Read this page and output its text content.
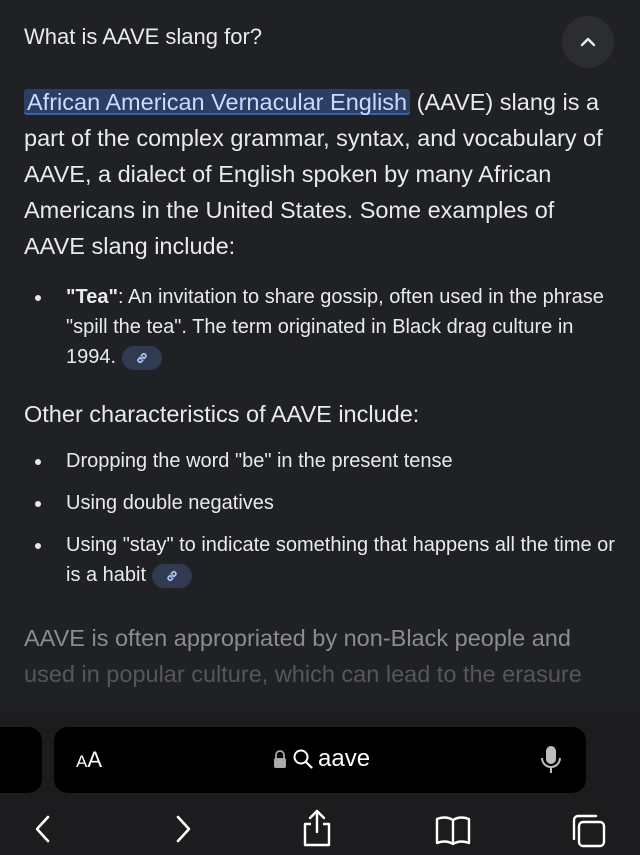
What is AAVE slang for?

African American Vernacular English (AAVE) slang is a part of the complex grammar, syntax, and vocabulary of AAVE, a dialect of English spoken by many African Americans in the United States. Some examples of AAVE slang include:

"Tea": An invitation to share gossip, often used in the phrase "spill the tea". The term originated in Black drag culture in 1994.

Other characteristics of AAVE include:

Dropping the word "be" in the present tense
Using double negatives
Using "stay" to indicate something that happens all the time or is a habit

AAVE is often appropriated by non-Black people and
used in popular culture, which can lead to the erasure

AA	aave
